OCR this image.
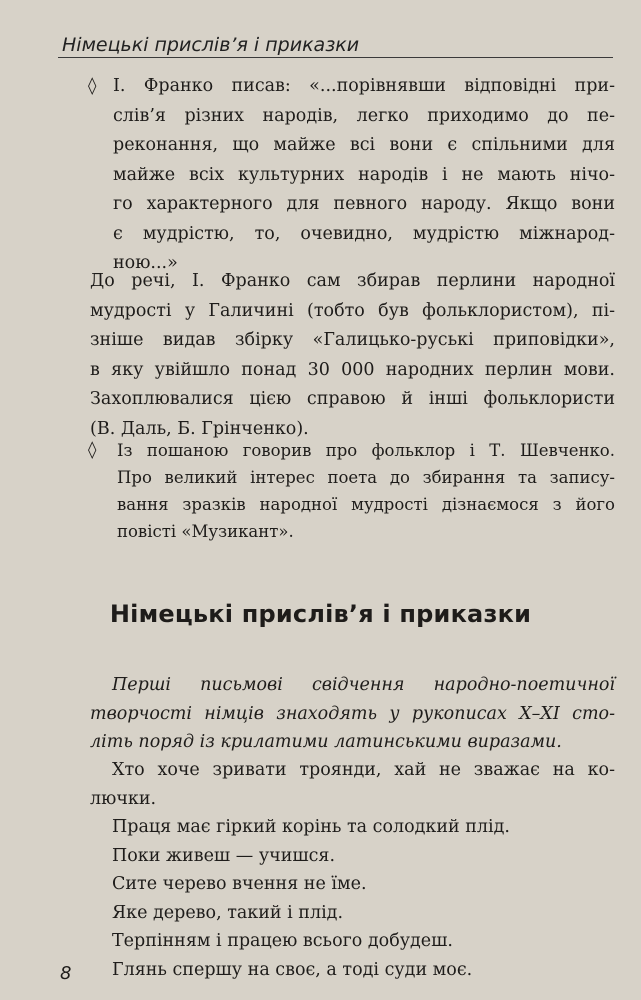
Німецькі прислів’я і приказки
◊ І. Франко писав: «...порівнявши відповідні при-
слів’я різних народів, легко приходимо до пе-
реконання, що майже всі вони є спільними для
майже всіх культурних народів і не мають нічо-
го характерного для певного народу. Якщо вони
є мудрістю, то, очевидно, мудрістю міжнарод-
ною...»
До речі, І. Франко сам збирав перлини народної
мудрості у Галичині (тобто був фольклористом), пі-
зніше видав збірку «Галицько-руські приповідки»,
в яку увійшло понад 30 000 народних перлин мови.
Захоплювалися цією справою й інші фольклористи
(В. Даль, Б. Грінченко).
◊ Із пошаною говорив про фольклор і Т. Шевченко.
Про великий інтерес поета до збирання та запису-
вання зразків народної мудрості дізнаємося з його
повісті «Музикант».
Німецькі прислів’я і приказки
Перші письмові свідчення народно-поетичної
творчості німців знаходять у рукописах X–XI сто-
літь поряд із крилатими латинськими виразами.
Хто хоче зривати троянди, хай не зважає на ко-
лючки.
Праця має гіркий корінь та солодкий плід.
Поки живеш — учишся.
Сите черево вчення не їме.
Яке дерево, такий і плід.
Терпінням і працею всього добудеш.
Глянь спершу на своє, а тоді суди моє.
8
